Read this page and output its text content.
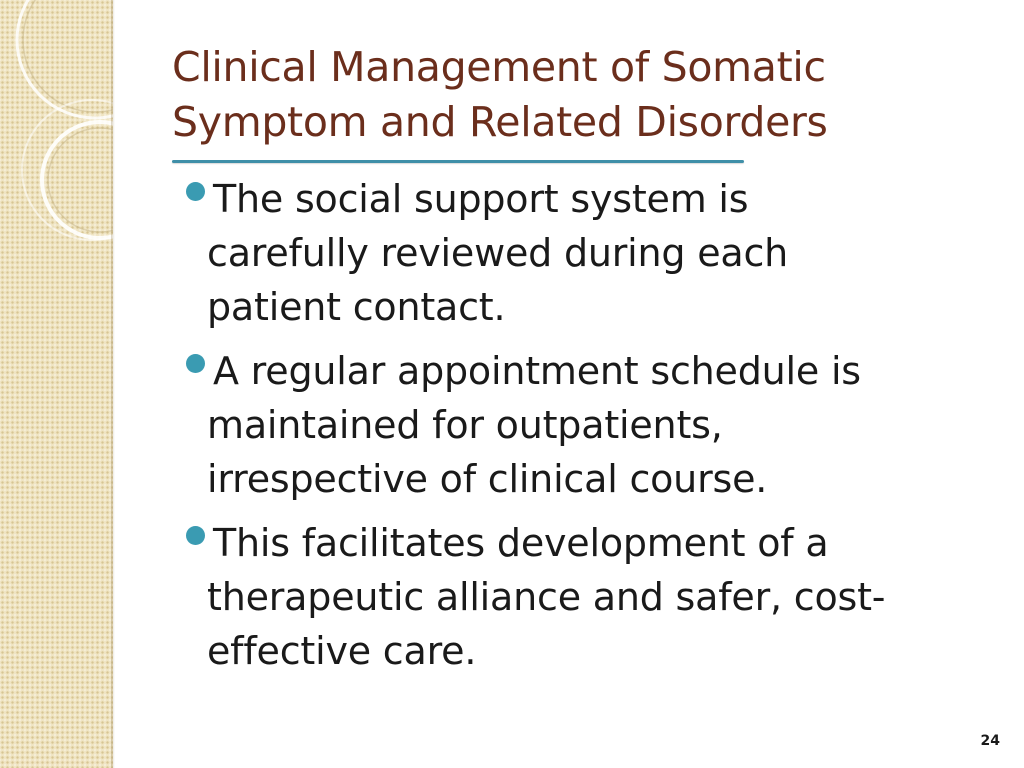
Clinical Management of Somatic
Symptom and Related Disorders
The social support system is
carefully reviewed during each
patient contact.
A regular appointment schedule is
maintained for outpatients,
irrespective of clinical course.
This facilitates development of a
therapeutic alliance and safer, cost-
effective care.
24
